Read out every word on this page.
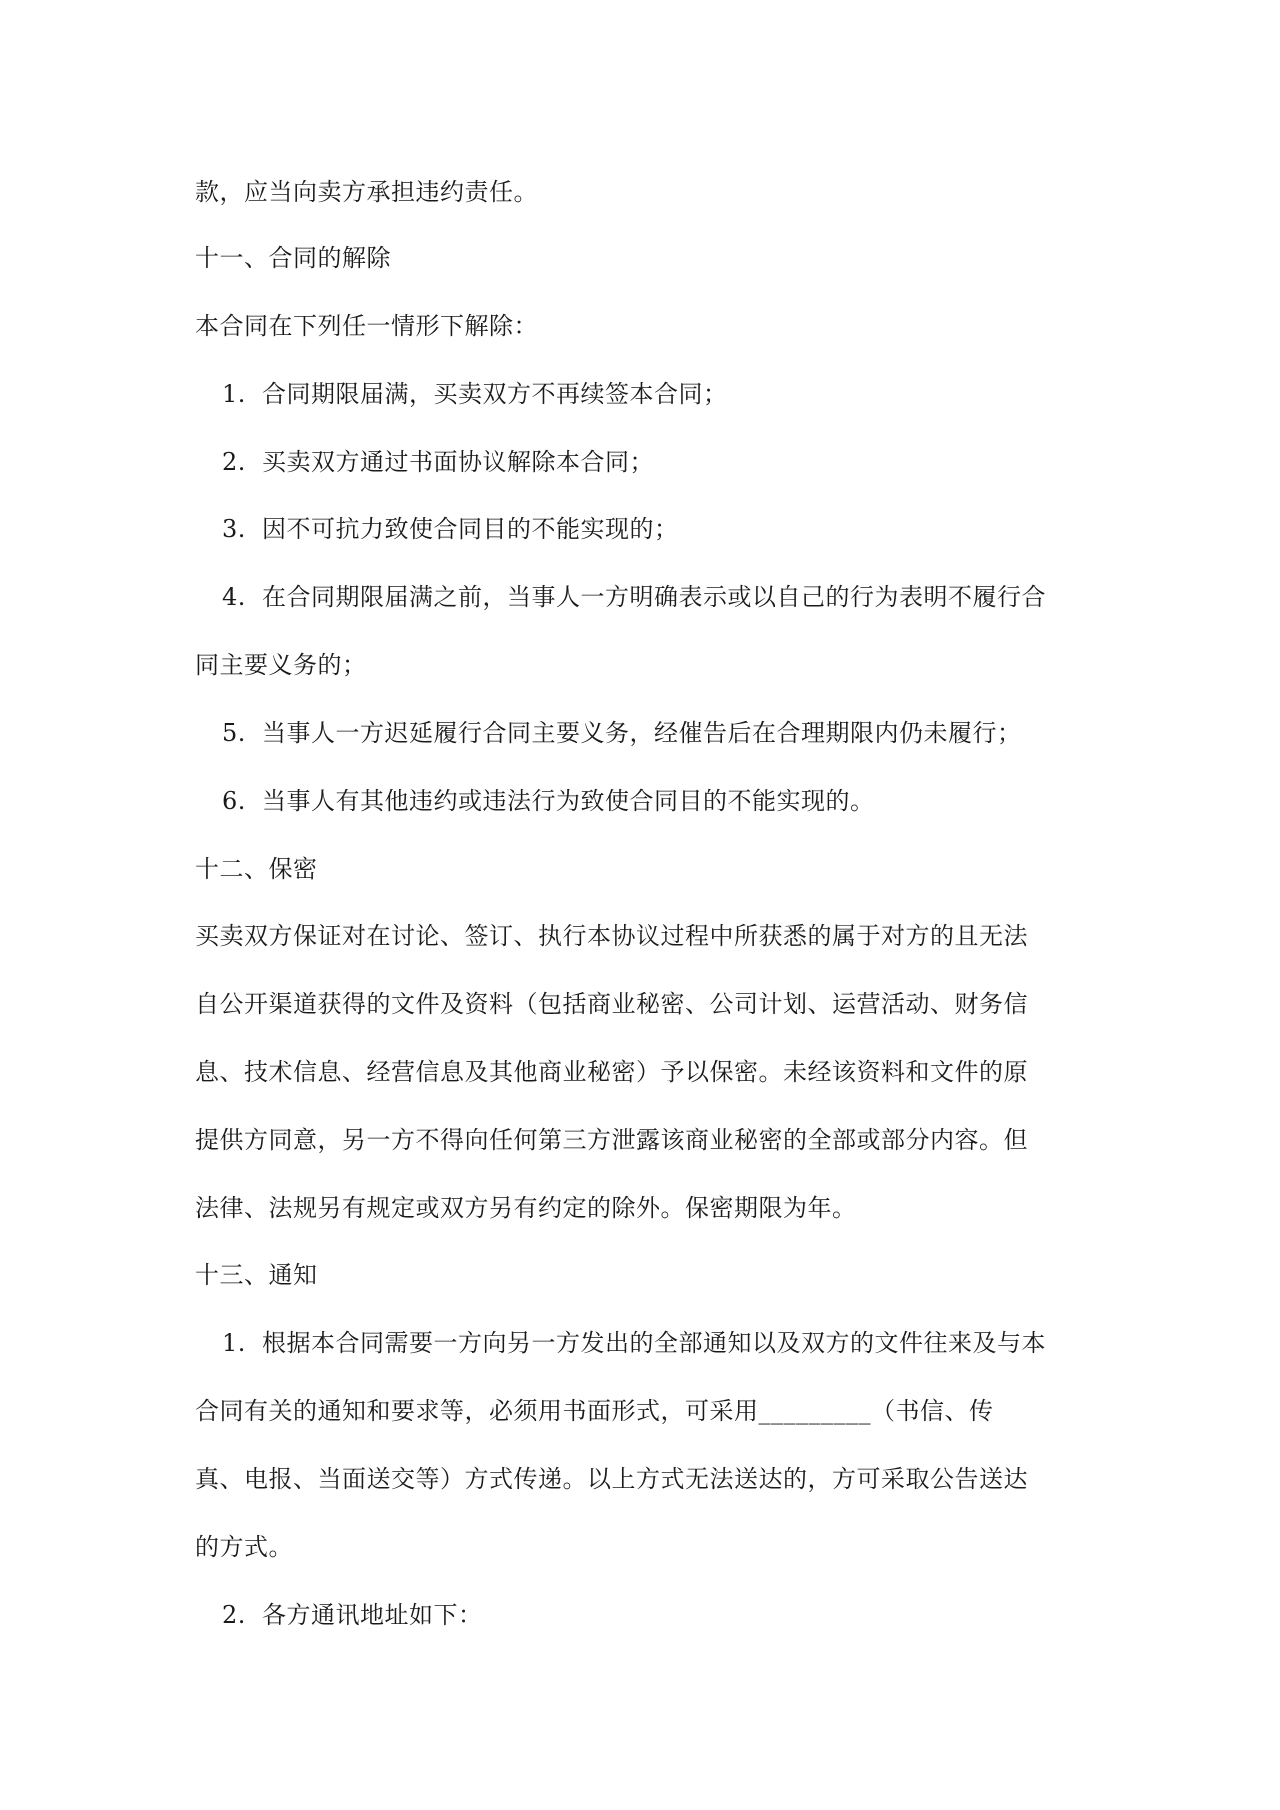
款，应当向卖方承担违约责任。
十一、合同的解除
本合同在下列任一情形下解除：
1. 合同期限届满，买卖双方不再续签本合同；
2. 买卖双方通过书面协议解除本合同；
3. 因不可抗力致使合同目的不能实现的；
4. 在合同期限届满之前，当事人一方明确表示或以自己的行为表明不履行合
同主要义务的；
5. 当事人一方迟延履行合同主要义务，经催告后在合理期限内仍未履行；
6. 当事人有其他违约或违法行为致使合同目的不能实现的。
十二、保密
买卖双方保证对在讨论、签订、执行本协议过程中所获悉的属于对方的且无法
自公开渠道获得的文件及资料（包括商业秘密、公司计划、运营活动、财务信
息、技术信息、经营信息及其他商业秘密）予以保密。未经该资料和文件的原
提供方同意，另一方不得向任何第三方泄露该商业秘密的全部或部分内容。但
法律、法规另有规定或双方另有约定的除外。保密期限为年。
十三、通知
1. 根据本合同需要一方向另一方发出的全部通知以及双方的文件往来及与本
合同有关的通知和要求等，必须用书面形式，可采用_________（书信、传
真、电报、当面送交等）方式传递。以上方式无法送达的，方可采取公告送达
的方式。
2. 各方通讯地址如下：
